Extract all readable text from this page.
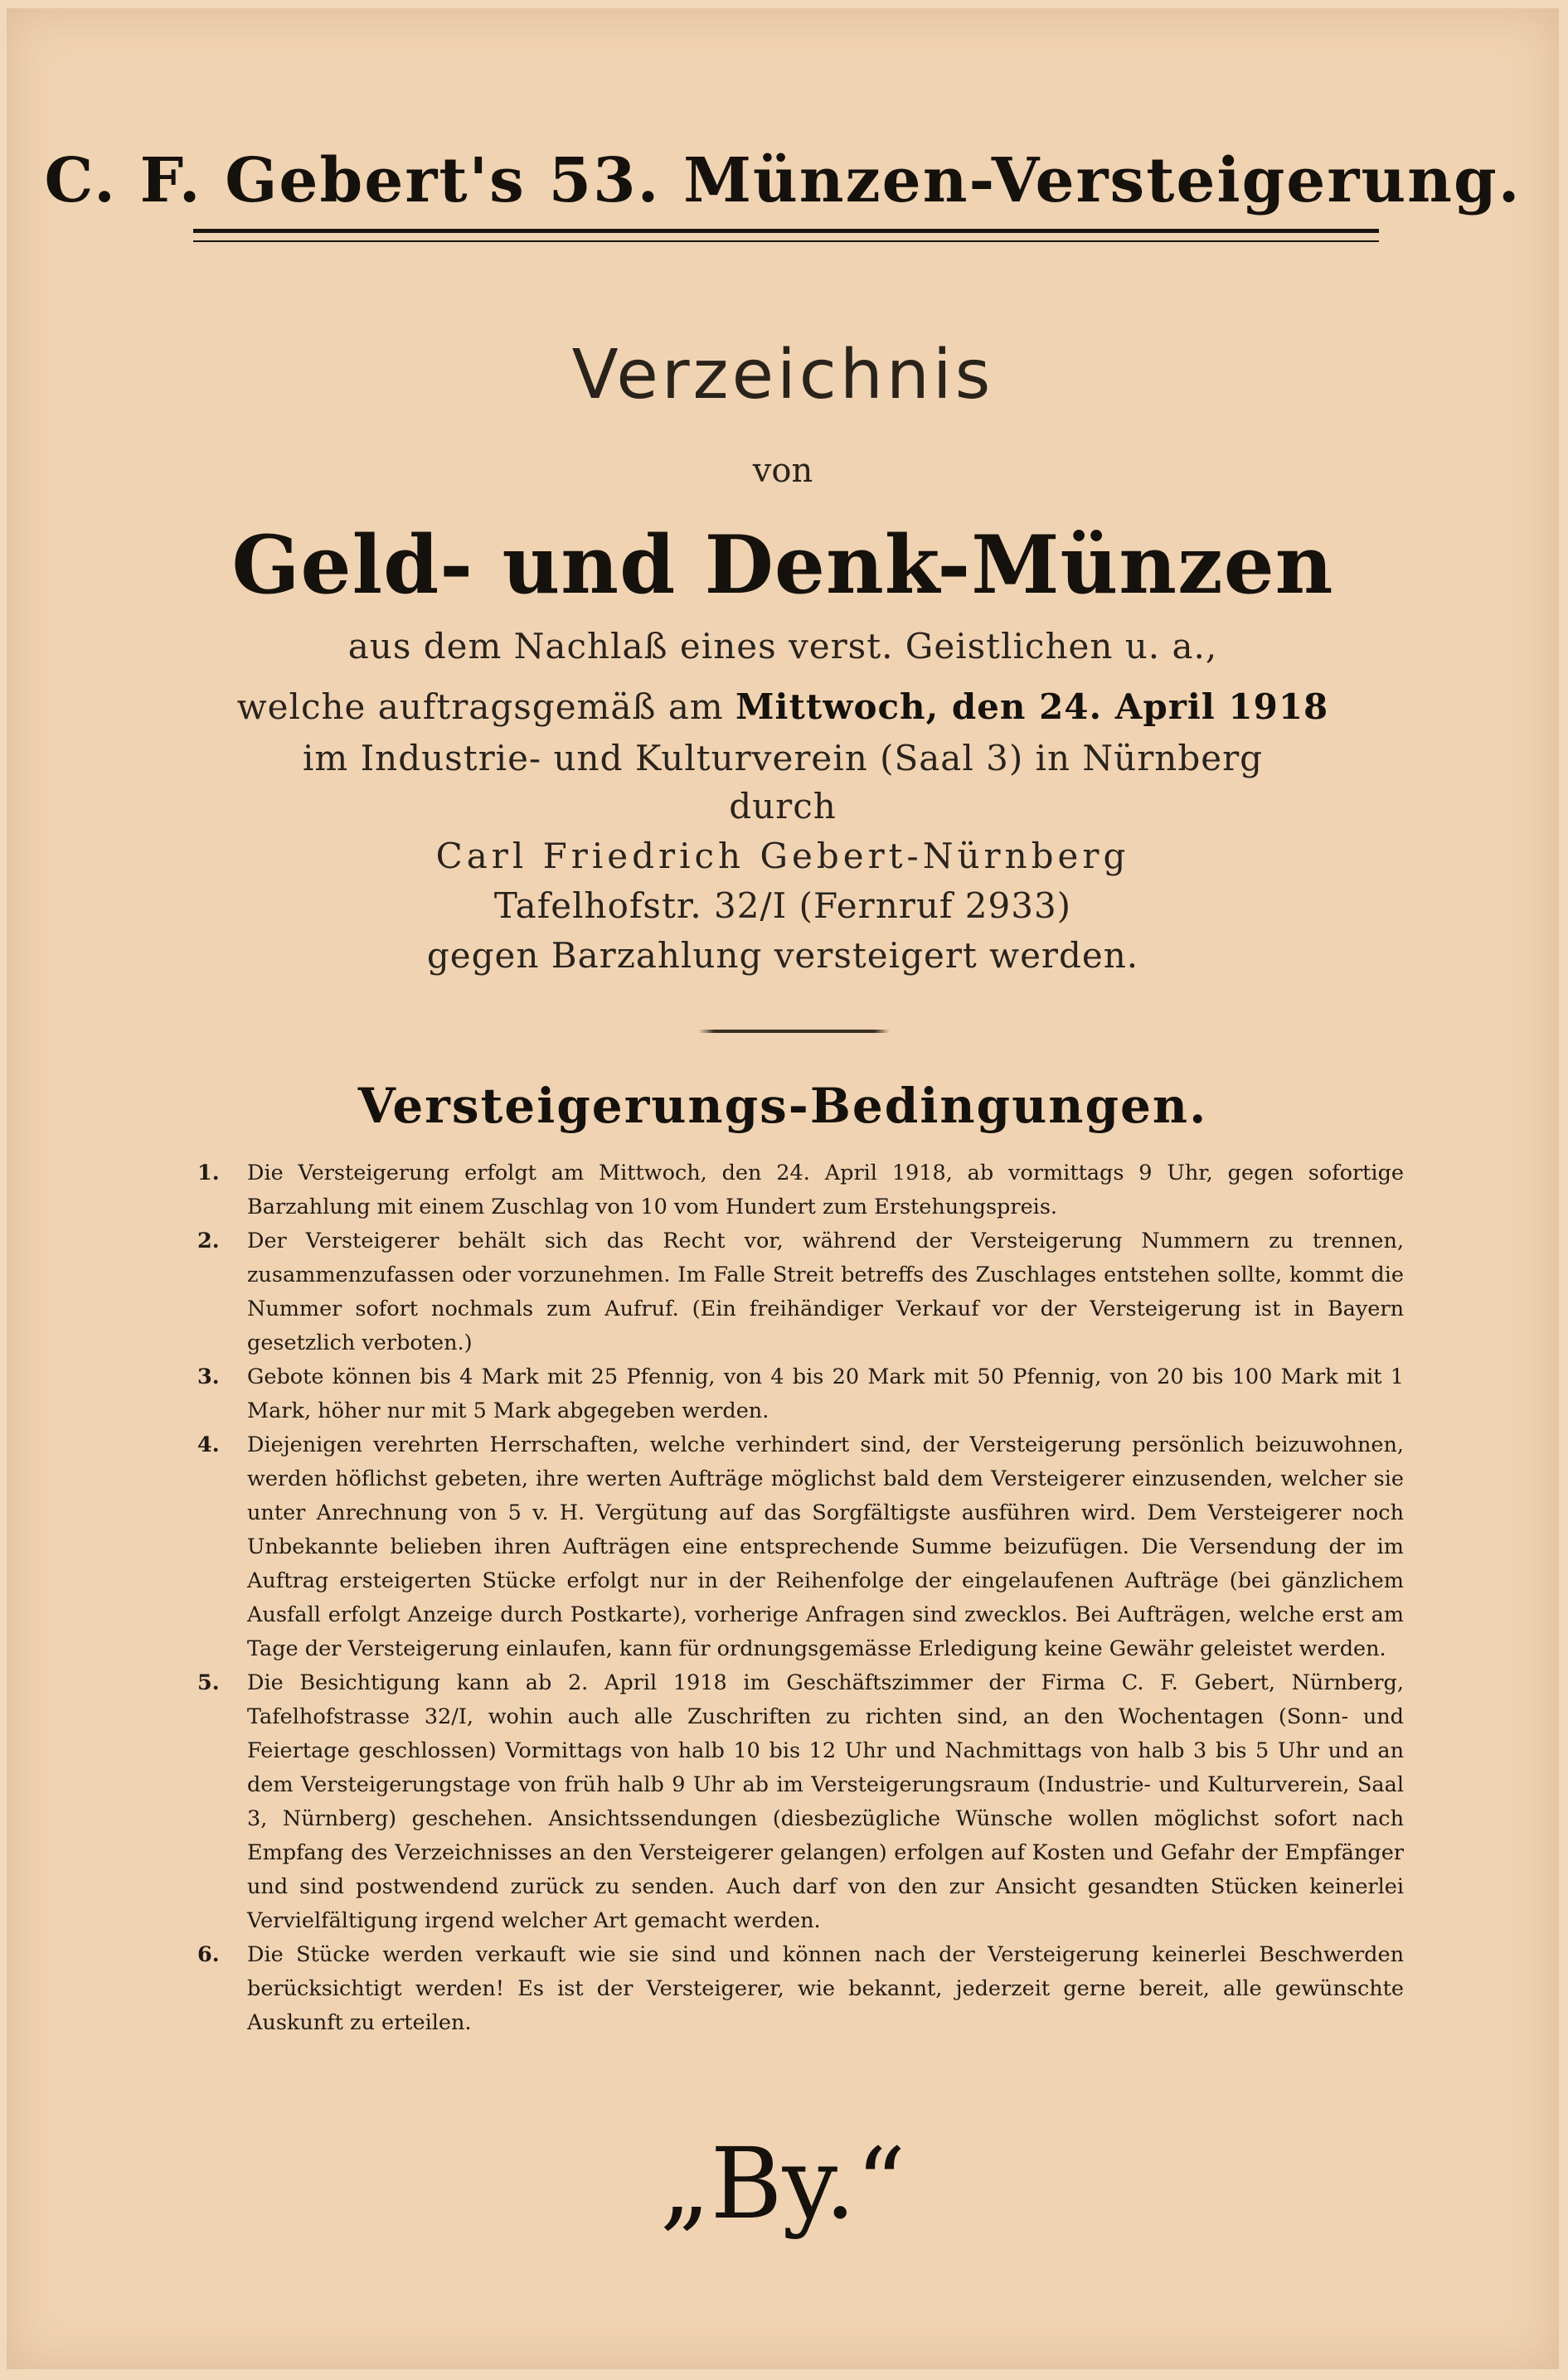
C. F. Gebert's 53. Münzen-Versteigerung.
Verzeichnis
von
Geld- und Denk-Münzen
aus dem Nachlaß eines verst. Geistlichen u. a.,
welche auftragsgemäß am Mittwoch, den 24. April 1918
im Industrie- und Kulturverein (Saal 3) in Nürnberg
durch
Carl Friedrich Gebert-Nürnberg
Tafelhofstr. 32/I (Fernruf 2933)
gegen Barzahlung versteigert werden.
Versteigerungs-Bedingungen.
1. Die Versteigerung erfolgt am Mittwoch, den 24. April 1918, ab vormittags 9 Uhr, gegen sofortige Barzahlung mit einem Zuschlag von 10 vom Hundert zum Erstehungspreis.
2. Der Versteigerer behält sich das Recht vor, während der Versteigerung Nummern zu trennen, zusammenzufassen oder vorzunehmen. Im Falle Streit betreffs des Zuschlages entstehen sollte, kommt die Nummer sofort nochmals zum Aufruf. (Ein freihändiger Verkauf vor der Versteigerung ist in Bayern gesetzlich verboten.)
3. Gebote können bis 4 Mark mit 25 Pfennig, von 4 bis 20 Mark mit 50 Pfennig, von 20 bis 100 Mark mit 1 Mark, höher nur mit 5 Mark abgegeben werden.
4. Diejenigen verehrten Herrschaften, welche verhindert sind, der Versteigerung persönlich beizuwohnen, werden höflichst gebeten, ihre werten Aufträge möglichst bald dem Versteigerer einzusenden, welcher sie unter Anrechnung von 5 v. H. Vergütung auf das Sorgfältigste ausführen wird. Dem Versteigerer noch Unbekannte belieben ihren Aufträgen eine entsprechende Summe beizufügen. Die Versendung der im Auftrag ersteigerten Stücke erfolgt nur in der Reihenfolge der eingelaufenen Aufträge (bei gänzlichem Ausfall erfolgt Anzeige durch Postkarte), vorherige Anfragen sind zwecklos. Bei Aufträgen, welche erst am Tage der Versteigerung einlaufen, kann für ordnungsgemässe Erledigung keine Gewähr geleistet werden.
5. Die Besichtigung kann ab 2. April 1918 im Geschäftszimmer der Firma C. F. Gebert, Nürnberg, Tafelhofstrasse 32/I, wohin auch alle Zuschriften zu richten sind, an den Wochentagen (Sonn- und Feiertage geschlossen) Vormittags von halb 10 bis 12 Uhr und Nachmittags von halb 3 bis 5 Uhr und an dem Versteigerungstage von früh halb 9 Uhr ab im Versteigerungsraum (Industrie- und Kulturverein, Saal 3, Nürnberg) geschehen. Ansichtssendungen (diesbezügliche Wünsche wollen möglichst sofort nach Empfang des Verzeichnisses an den Versteigerer gelangen) erfolgen auf Kosten und Gefahr der Empfänger und sind postwendend zurück zu senden. Auch darf von den zur Ansicht gesandten Stücken keinerlei Vervielfältigung irgend welcher Art gemacht werden.
6. Die Stücke werden verkauft wie sie sind und können nach der Versteigerung keinerlei Beschwerden berücksichtigt werden! Es ist der Versteigerer, wie bekannt, jederzeit gerne bereit, alle gewünschte Auskunft zu erteilen.
„By.“
